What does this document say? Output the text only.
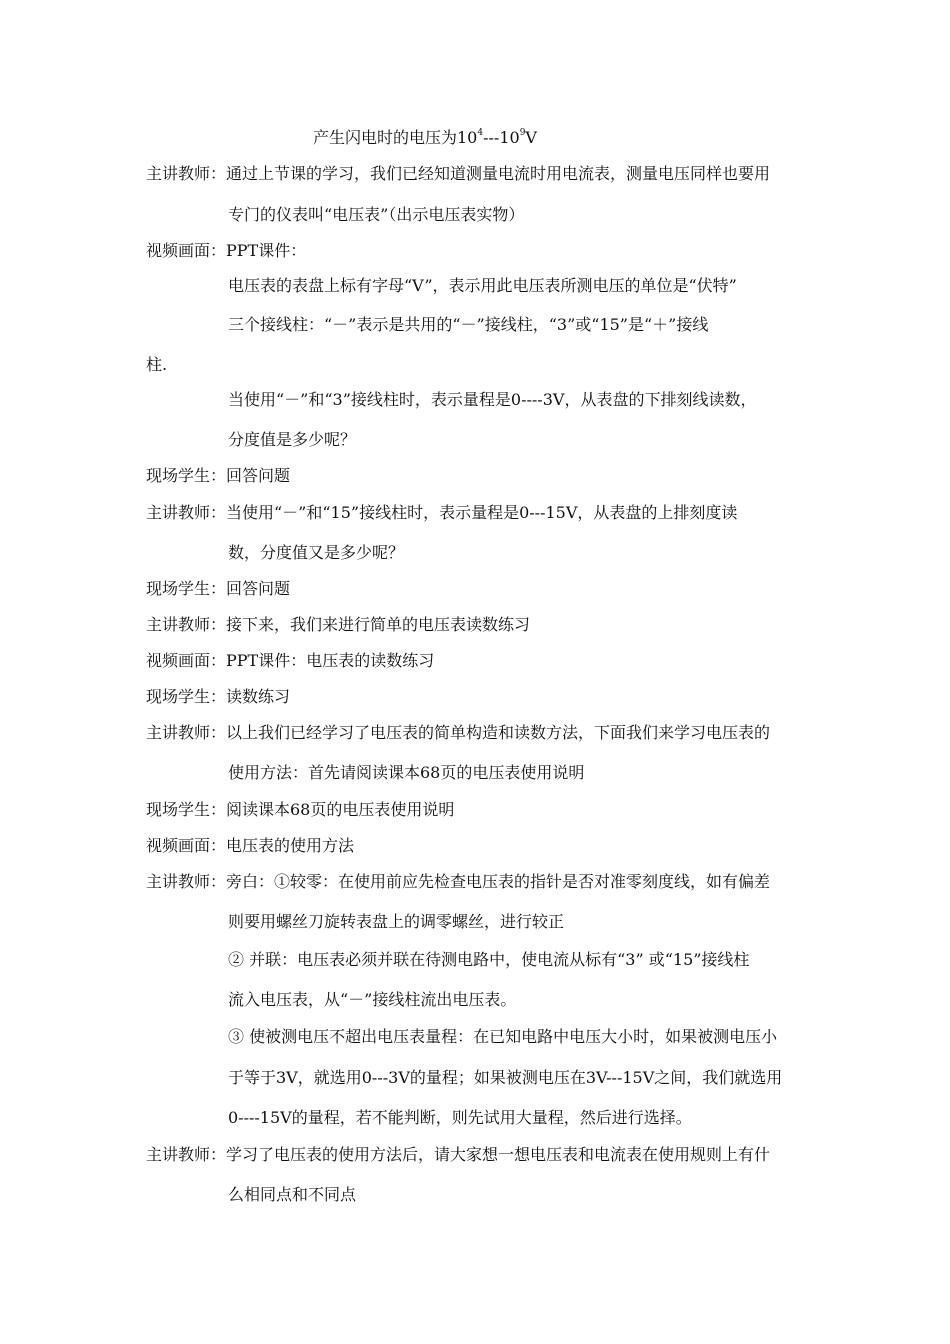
产生闪电时的电压为$10^4---10^9V$
主讲教师：通过上节课的学习，我们已经知道测量电流时用电流表，测量电压同样也要用
专门的仪表叫“电压表”（出示电压表实物）
视频画面：PPT课件：
电压表的表盘上标有字母“V”，表示用此电压表所测电压的单位是“伏特”
三个接线柱：“－”表示是共用的“－”接线柱，“3”或“15”是“＋”接线
柱.
当使用“－”和“3”接线柱时，表示量程是0----3V，从表盘的下排刻线读数，
分度值是多少呢？
现场学生：回答问题
主讲教师：当使用“－”和“15”接线柱时，表示量程是0---15V，从表盘的上排刻度读
数，分度值又是多少呢？
现场学生：回答问题
主讲教师：接下来，我们来进行简单的电压表读数练习
视频画面：PPT课件：电压表的读数练习
现场学生：读数练习
主讲教师：以上我们已经学习了电压表的简单构造和读数方法，下面我们来学习电压表的
使用方法：首先请阅读课本68页的电压表使用说明
现场学生：阅读课本68页的电压表使用说明
视频画面：电压表的使用方法
主讲教师：旁白：①较零：在使用前应先检查电压表的指针是否对准零刻度线，如有偏差
则要用螺丝刀旋转表盘上的调零螺丝，进行较正
② 并联：电压表必须并联在待测电路中，使电流从标有“3” 或“15”接线柱
流入电压表，从“－”接线柱流出电压表。
③ 使被测电压不超出电压表量程：在已知电路中电压大小时，如果被测电压小
于等于3V，就选用0---3V的量程；如果被测电压在3V---15V之间，我们就选用
0----15V的量程，若不能判断，则先试用大量程，然后进行选择。
主讲教师：学习了电压表的使用方法后，请大家想一想电压表和电流表在使用规则上有什
么相同点和不同点
